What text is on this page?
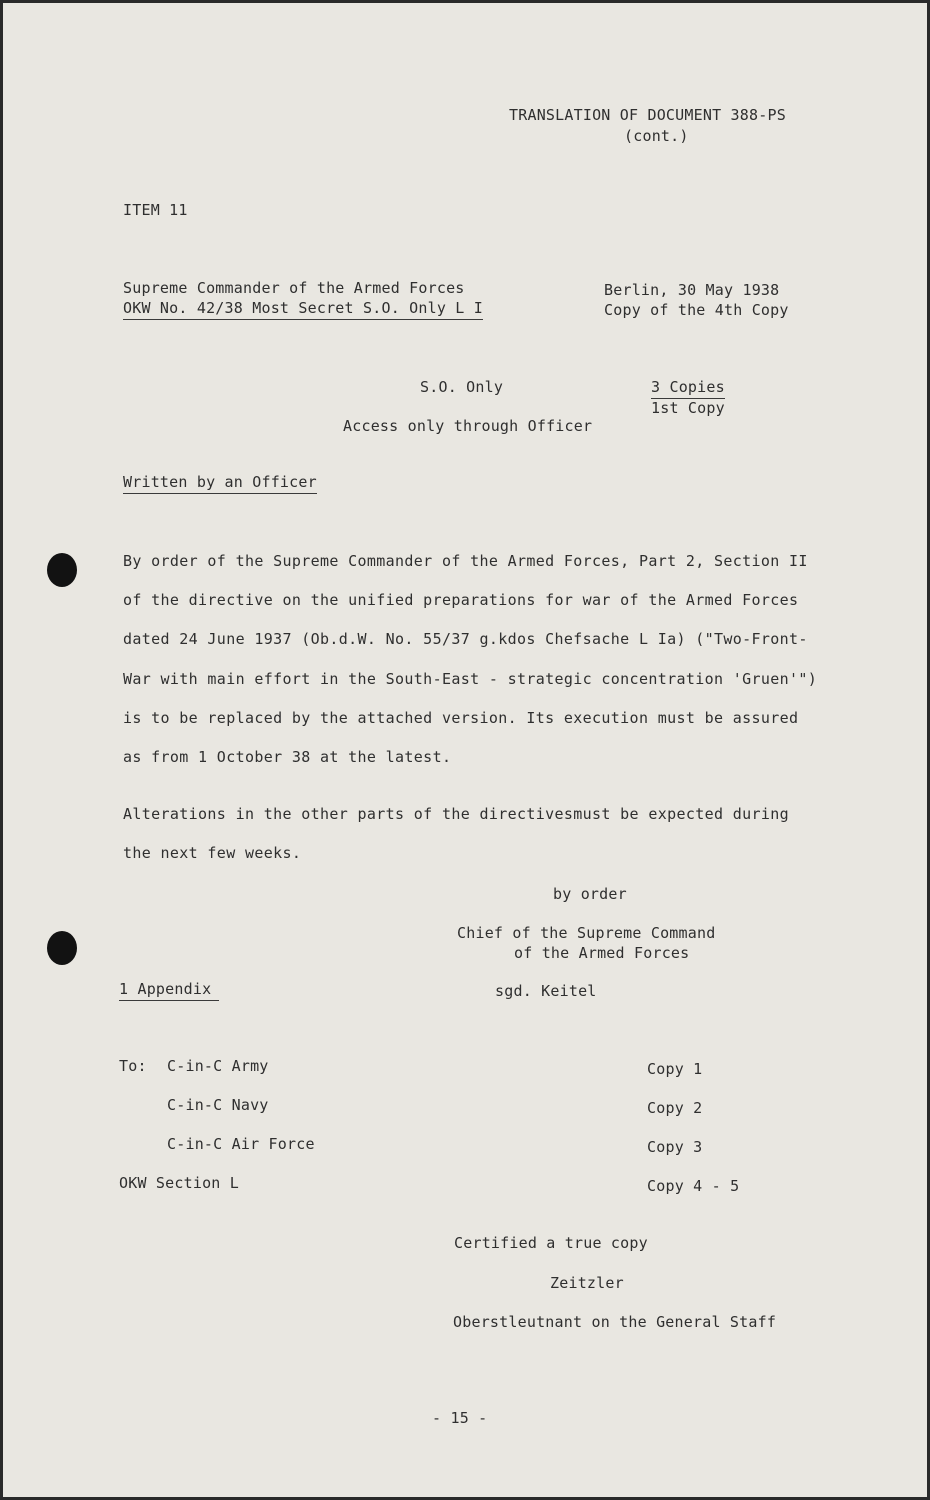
TRANSLATION OF DOCUMENT 388-PS
(cont.)
ITEM 11
Supreme Commander of the Armed Forces
OKW No. 42/38 Most Secret S.O. Only L I
Berlin, 30 May 1938
Copy of the 4th Copy
S.O. Only	3 Copies
1st Copy
Access only through Officer
Written by an Officer
By order of the Supreme Commander of the Armed Forces, Part 2, Section II
of the directive on the unified preparations for war of the Armed Forces
dated 24 June 1937 (Ob.d.W. No. 55/37 g.kdos Chefsache L Ia) ("Two-Front-
War with main effort in the South-East - strategic concentration 'Gruen'")
is to be replaced by the attached version. Its execution must be assured
as from 1 October 38 at the latest.
Alterations in the other parts of the directivesmust be expected during
the next few weeks.
by order
Chief of the Supreme Command
of the Armed Forces
sgd. Keitel
1 Appendix
To: C-in-C Army
C-in-C Navy
C-in-C Air Force
OKW Section L
Copy 1
Copy 2
Copy 3
Copy 4 - 5
Certified a true copy
Zeitzler
Oberstleutnant on the General Staff
- 15 -
